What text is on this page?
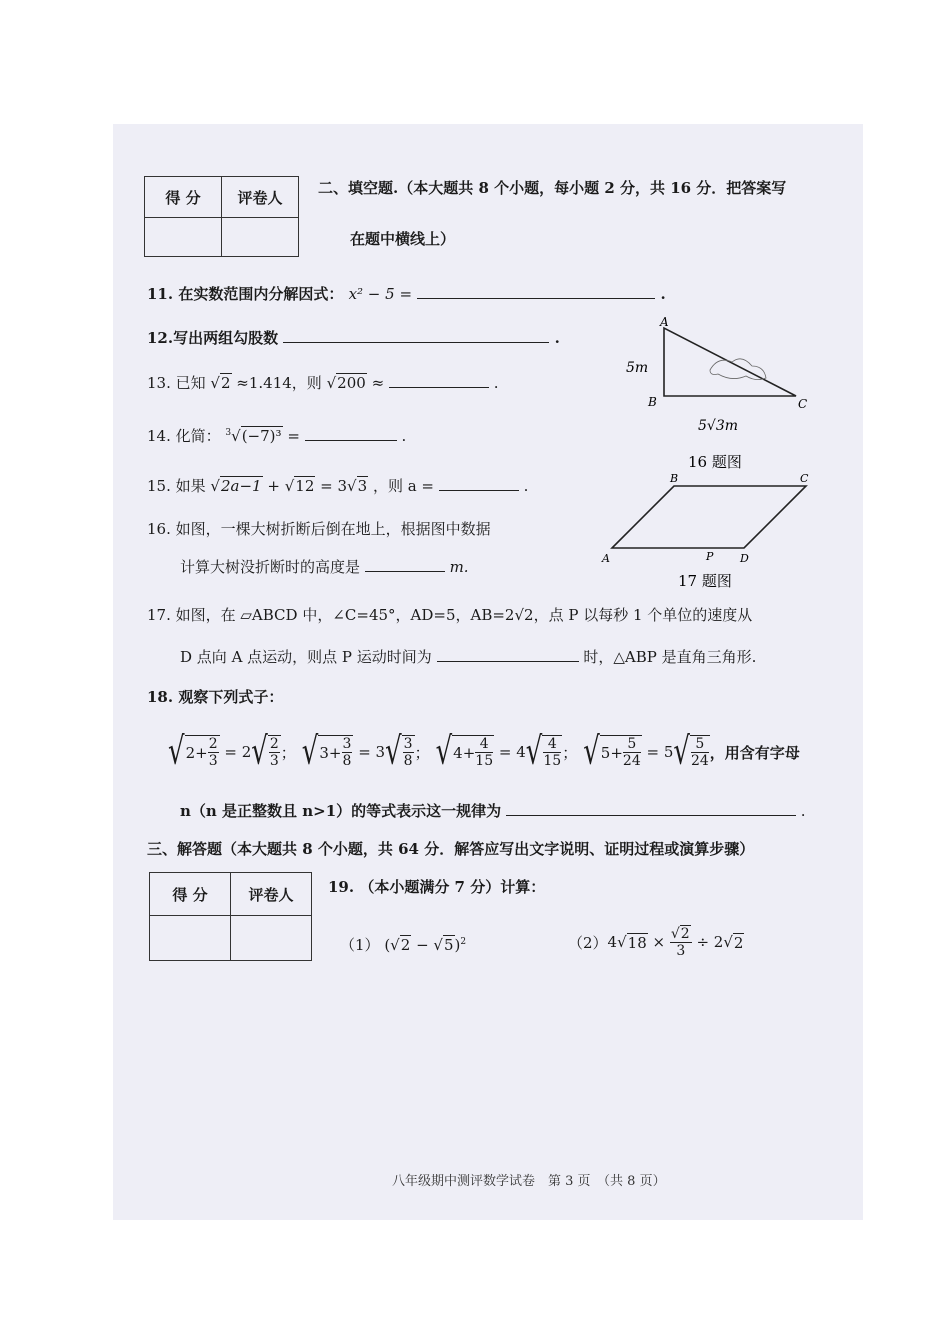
得 分	评卷人

二、填空题.（本大题共 8 个小题，每小题 2 分，共 16 分．把答案写
在题中横线上）
11. 在实数范围内分解因式： x² − 5 =	.
12.写出两组勾股数	.
13. 已知 √2 ≈1.414，则 √200 ≈	.
14. 化简： $^3$√(−7)³ =	.
15. 如果 √2a−1 + √12 = 3√3 ，则 a =	.
16. 如图，一棵大树折断后倒在地上，根据图中数据
计算大树没折断时的高度是	m.
A
B	C
5m
5√3m
16 题图
A
B	C
D
P
17 题图
17. 如图，在 ▱ABCD 中，∠C=45°，AD=5，AB=2√2，点 P 以每秒 1 个单位的速度从
D 点向 A 点运动，则点 P 运动时间为	时，△ABP 是直角三角形.
18. 观察下列式子：
√ $2 + \frac{2}{3} = 2$ √ $\frac{2}{3}$ ； √ $3 + \frac{3}{8} = 3$ √ $\frac{3}{8}$ ； √ $4 + \frac{4}{15} = 4$ √ $\frac{4}{15}$ ； √ $5 + \frac{5}{24} = 5$ √ $\frac{5}{24}$ ，用含有字母
n（n 是正整数且 n>1）的等式表示这一规律为	.
三、解答题（本大题共 8 个小题，共 64 分．解答应写出文字说明、证明过程或演算步骤）
得 分	评卷人
	19. （本小题满分 7 分）计算：
（1） $(√2 - √5)^2$	（2） 4√ $18 \times \frac{√2}{3} \div 2√$ 2
八年级期中测评数学试卷　第 3 页　（共 8 页）
